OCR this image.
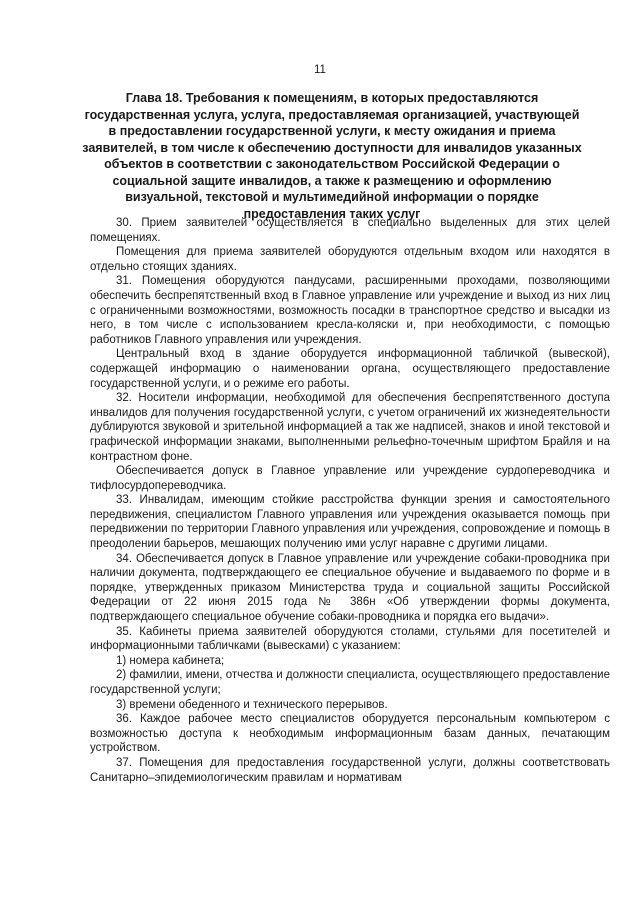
11
Глава 18. Требования к помещениям, в которых предоставляются государственная услуга, услуга, предоставляемая организацией, участвующей в предоставлении государственной услуги, к месту ожидания и приема заявителей, в том числе к обеспечению доступности для инвалидов указанных объектов в соответствии с законодательством Российской Федерации о социальной защите инвалидов, а также к размещению и оформлению визуальной, текстовой и мультимедийной информации о порядке предоставления таких услуг

30. Прием заявителей осуществляется в специально выделенных для этих целей помещениях.

Помещения для приема заявителей оборудуются отдельным входом или находятся в отдельно стоящих зданиях.

31. Помещения оборудуются пандусами, расширенными проходами, позволяющими обеспечить беспрепятственный вход в Главное управление или учреждение и выход из них лиц с ограниченными возможностями, возможность посадки в транспортное средство и высадки из него, в том числе с использованием кресла-коляски и, при необходимости, с помощью работников Главного управления или учреждения.

Центральный вход в здание оборудуется информационной табличкой (вывеской), содержащей информацию о наименовании органа, осуществляющего предоставление государственной услуги, и о режиме его работы.

32. Носители информации, необходимой для обеспечения беспрепятственного доступа инвалидов для получения государственной услуги, с учетом ограничений их жизнедеятельности дублируются звуковой и зрительной информацией а так же надписей, знаков и иной текстовой и графической информации знаками, выполненными рельефно-точечным шрифтом Брайля и на контрастном фоне.

Обеспечивается допуск в Главное управление или учреждение сурдопереводчика и тифлосурдопереводчика.

33. Инвалидам, имеющим стойкие расстройства функции зрения и самостоятельного передвижения, специалистом Главного управления или учреждения оказывается помощь при передвижении по территории Главного управления или учреждения, сопровождение и помощь в преодолении барьеров, мешающих получению ими услуг наравне с другими лицами.

34. Обеспечивается допуск в Главное управление или учреждение собаки-проводника при наличии документа, подтверждающего ее специальное обучение и выдаваемого по форме и в порядке, утвержденных приказом Министерства труда и социальной защиты Российской Федерации от 22 июня 2015 года № 386н «Об утверждении формы документа, подтверждающего специальное обучение собаки-проводника и порядка его выдачи».

35. Кабинеты приема заявителей оборудуются столами, стульями для посетителей и информационными табличками (вывесками) с указанием:

1) номера кабинета;

2) фамилии, имени, отчества и должности специалиста, осуществляющего предоставление государственной услуги;

3) времени обеденного и технического перерывов.

36. Каждое рабочее место специалистов оборудуется персональным компьютером с возможностью доступа к необходимым информационным базам данных, печатающим устройством.

37. Помещения для предоставления государственной услуги, должны соответствовать Санитарно–эпидемиологическим правилам и нормативам
